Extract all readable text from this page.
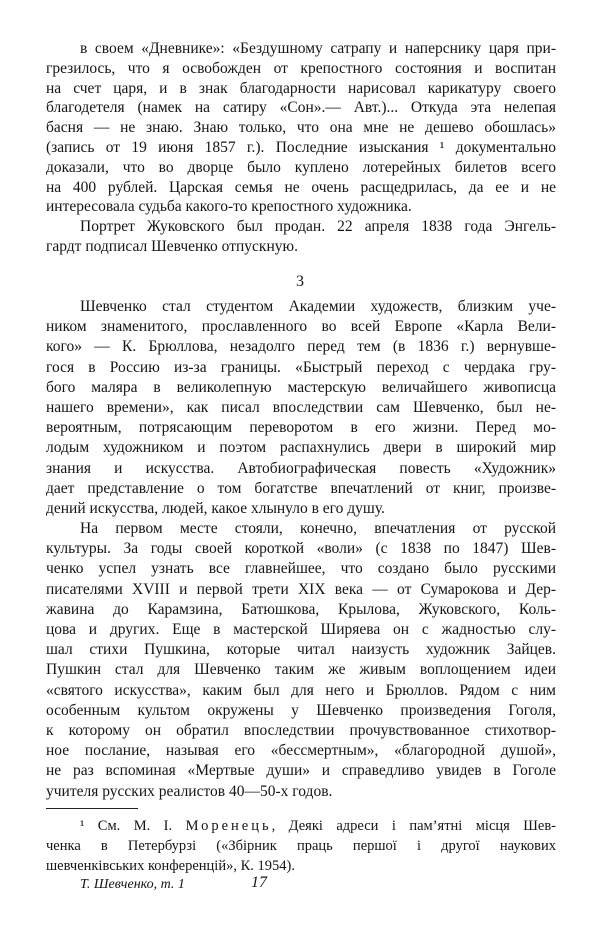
в своем «Дневнике»: «Бездушному сатрапу и наперснику царя при-
грезилось, что я освобожден от крепостного состояния и воспитан
на счет царя, и в знак благодарности нарисовал карикатуру своего
благодетеля (намек на сатиру «Сон».— Авт.)... Откуда эта нелепая
басня — не знаю. Знаю только, что она мне не дешево обошлась»
(запись от 19 июня 1857 г.). Последние изыскания ¹ документально
доказали, что во дворце было куплено лотерейных билетов всего
на 400 рублей. Царская семья не очень расщедрилась, да ее и не
интересовала судьба какого-то крепостного художника.
Портрет Жуковского был продан. 22 апреля 1838 года Энгель-
гардт подписал Шевченко отпускную.
3
Шевченко стал студентом Академии художеств, близким уче-
ником знаменитого, прославленного во всей Европе «Карла Вели-
кого» — К. Брюллова, незадолго перед тем (в 1836 г.) вернувше-
гося в Россию из-за границы. «Быстрый переход с чердака гру-
бого маляра в великолепную мастерскую величайшего живописца
нашего времени», как писал впоследствии сам Шевченко, был не-
вероятным, потрясающим переворотом в его жизни. Перед мо-
лодым художником и поэтом распахнулись двери в широкий мир
знания и искусства. Автобиографическая повесть «Художник»
дает представление о том богатстве впечатлений от книг, произве-
дений искусства, людей, какое хлынуло в его душу.
На первом месте стояли, конечно, впечатления от русской
культуры. За годы своей короткой «воли» (с 1838 по 1847) Шев-
ченко успел узнать все главнейшее, что создано было русскими
писателями XVIII и первой трети XIX века — от Сумарокова и Дер-
жавина до Карамзина, Батюшкова, Крылова, Жуковского, Коль-
цова и других. Еще в мастерской Ширяева он с жадностью слу-
шал стихи Пушкина, которые читал наизусть художник Зайцев.
Пушкин стал для Шевченко таким же живым воплощением идеи
«святого искусства», каким был для него и Брюллов. Рядом с ним
особенным культом окружены у Шевченко произведения Гоголя,
к которому он обратил впоследствии прочувствованное стихотвор-
ное послание, называя его «бессмертным», «благородной душой»,
не раз вспоминая «Мертвые души» и справедливо увидев в Гоголе
учителя русских реалистов 40—50-х годов.
¹ См. М. І. Моренець, Деякі адреси і пам’ятні місця Шев-
ченка в Петербурзі («Збірник праць першої і другої наукових
шевченківських конференцій», К. 1954).
Т. Шевченко, т. 1	17
